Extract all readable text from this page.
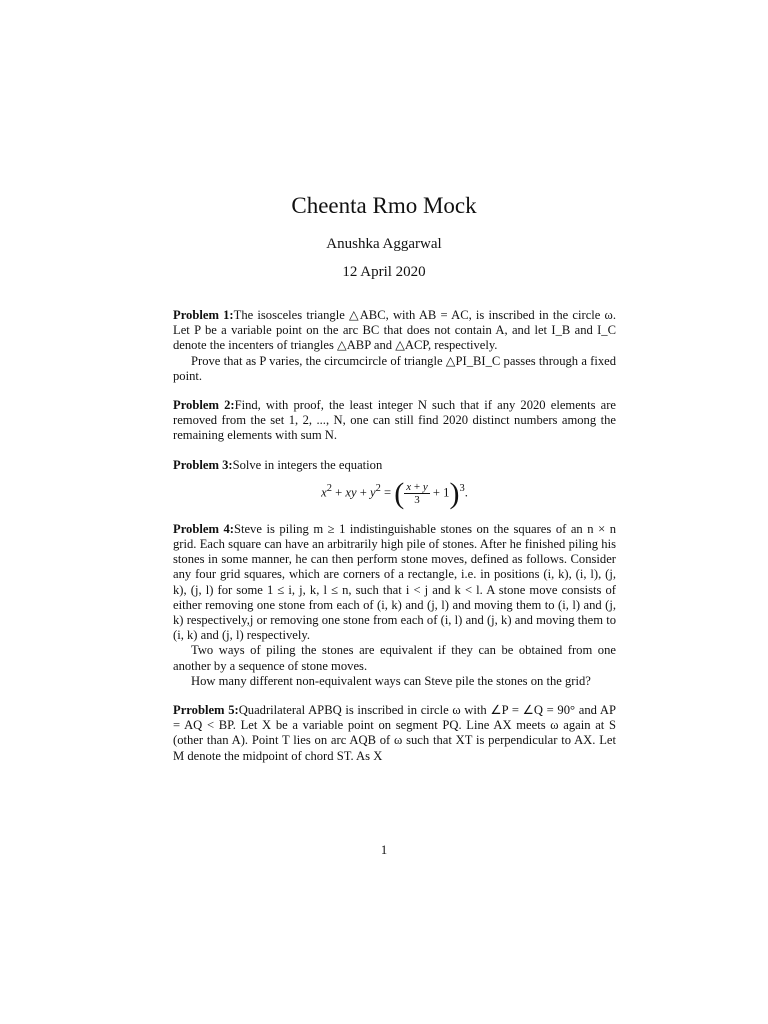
Cheenta Rmo Mock
Anushka Aggarwal
12 April 2020

Problem 1:The isosceles triangle △ABC, with AB = AC, is inscribed in the circle ω. Let P be a variable point on the arc BC that does not contain A, and let I_B and I_C denote the incenters of triangles △ABP and △ACP, respectively.

Prove that as P varies, the circumcircle of triangle △PI_BI_C passes through a fixed point.

Problem 2:Find, with proof, the least integer N such that if any 2020 elements are removed from the set 1, 2, ..., N, one can still find 2020 distinct numbers among the remaining elements with sum N.

Problem 3:Solve in integers the equation

$x^2$ + xy + $y^2$ = ( $\frac{x + y}{3} + 1)^3$.

Problem 4:Steve is piling m ≥ 1 indistinguishable stones on the squares of an n × n grid. Each square can have an arbitrarily high pile of stones. After he finished piling his stones in some manner, he can then perform stone moves, defined as follows. Consider any four grid squares, which are corners of a rectangle, i.e. in positions (i, k), (i, l), (j, k), (j, l) for some 1 ≤ i, j, k, l ≤ n, such that i < j and k < l. A stone move consists of either removing one stone from each of (i, k) and (j, l) and moving them to (i, l) and (j, k) respectively,j or removing one stone from each of (i, l) and (j, k) and moving them to (i, k) and (j, l) respectively.

Two ways of piling the stones are equivalent if they can be obtained from one another by a sequence of stone moves.

How many different non-equivalent ways can Steve pile the stones on the grid?

Prroblem 5:Quadrilateral APBQ is inscribed in circle ω with ∠P = ∠Q = 90° and AP = AQ < BP. Let X be a variable point on segment PQ. Line AX meets ω again at S (other than A). Point T lies on arc AQB of ω such that XT is perpendicular to AX. Let M denote the midpoint of chord ST. As X

1
